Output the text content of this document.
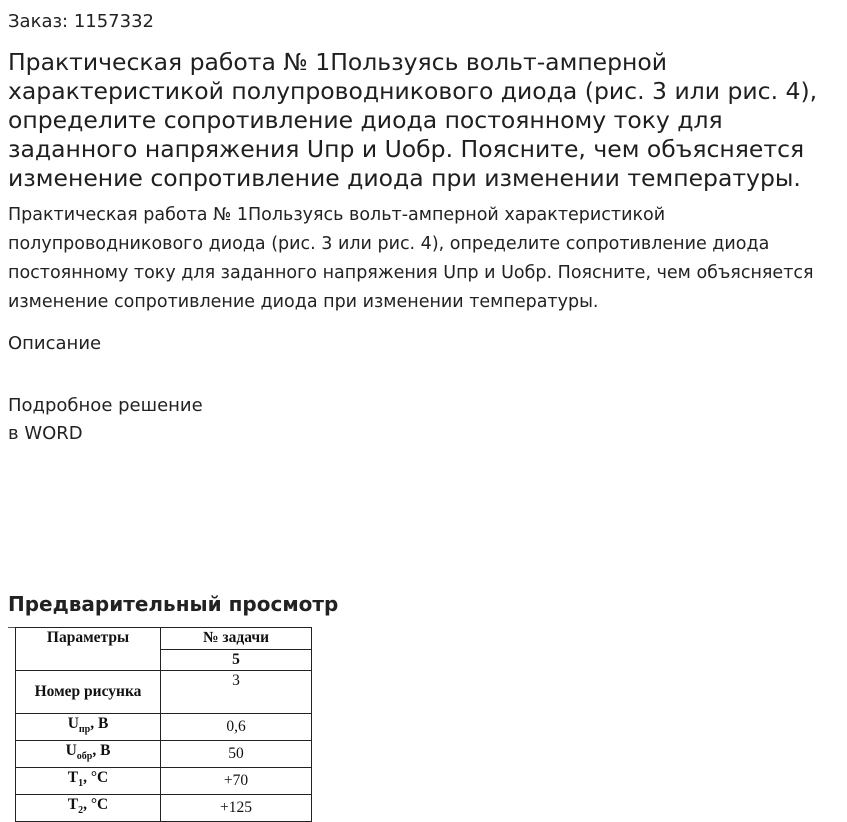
Заказ: 1157332
Практическая работа № 1Пользуясь вольт-амперной характеристикой полупроводникового диода (рис. 3 или рис. 4), определите сопротивление диода постоянному току для заданного напряжения Uпр и Uобр. Поясните, чем объясняется изменение сопротивление диода при изменении температуры.

Практическая работа № 1Пользуясь вольт-амперной характеристикой полупроводникового диода (рис. 3 или рис. 4), определите сопротивление диода постоянному току для заданного напряжения Uпр и Uобр. Поясните, чем объясняется изменение сопротивление диода при изменении температуры.

Описание
Подробное решение
в WORD
Предварительный просмотр
Параметры	№ задачи
	5
Номер рисунка	3
$U_{пр}$, В	0,6
$U_{обр}$, В	50
$T_1$, °С	+70
$T_2$, °С	+125
